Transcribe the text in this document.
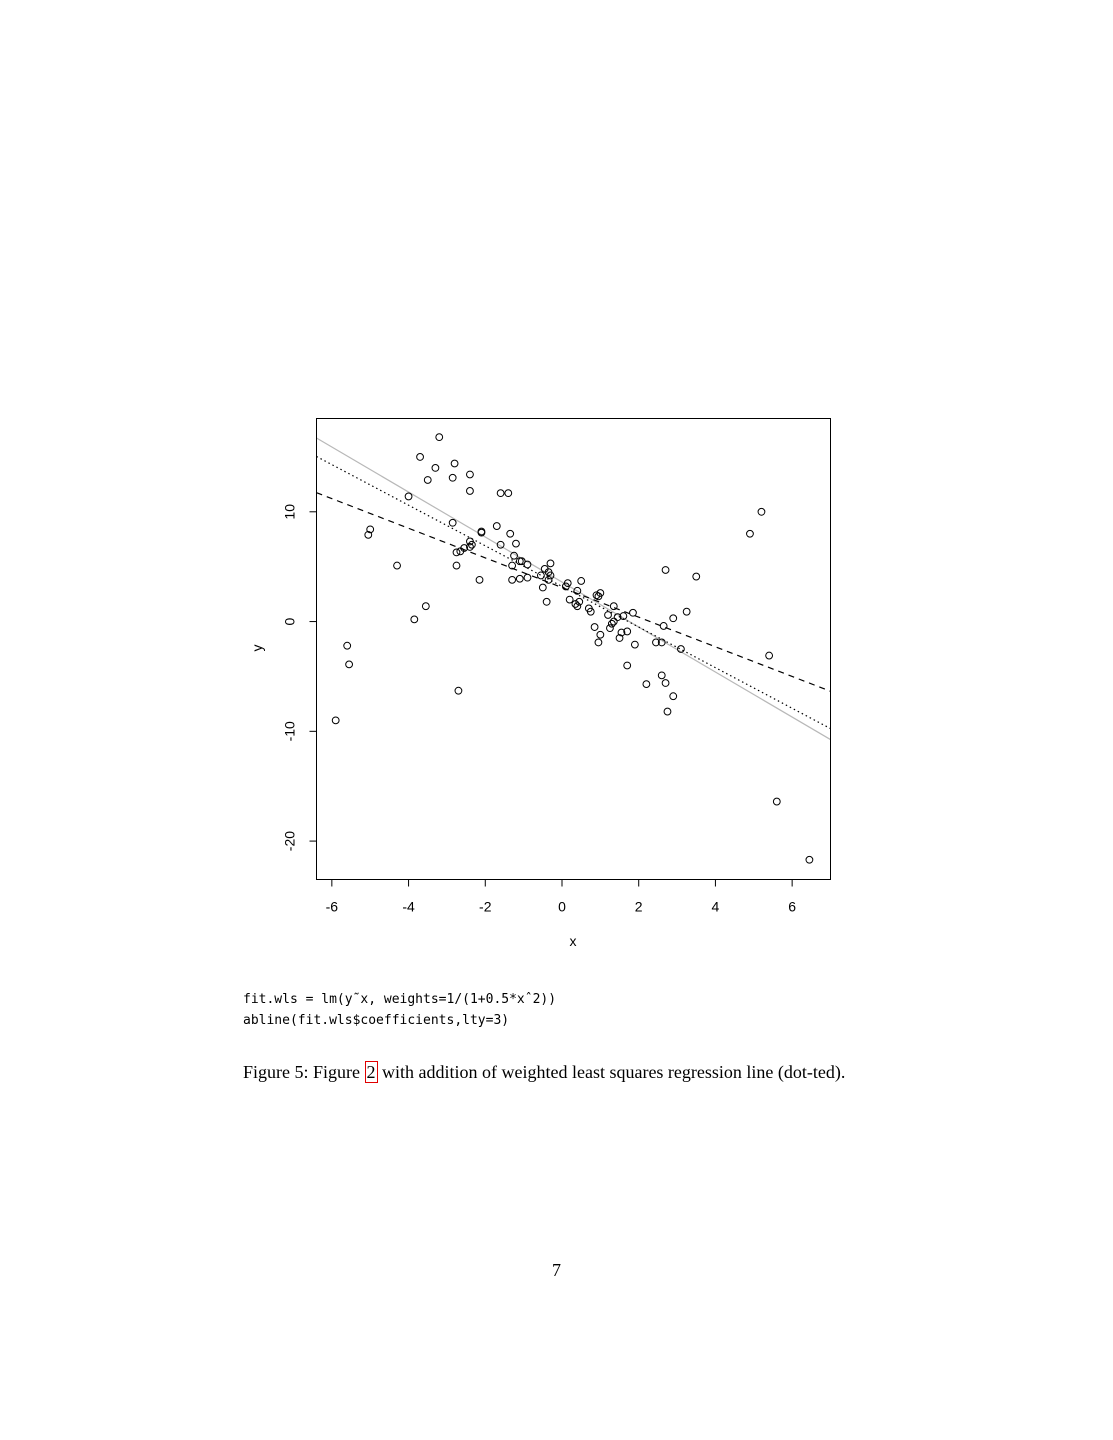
-6	-4	-2	0	2	4	6
-20
-10
0
10
x
y
fit.wls = lm(y˜x, weights=1/(1+0.5*xˆ2))
abline(fit.wls$coefficients,lty=3)
Figure 5: Figure 2 with addition of weighted least squares regression line (dot-ted).
7
